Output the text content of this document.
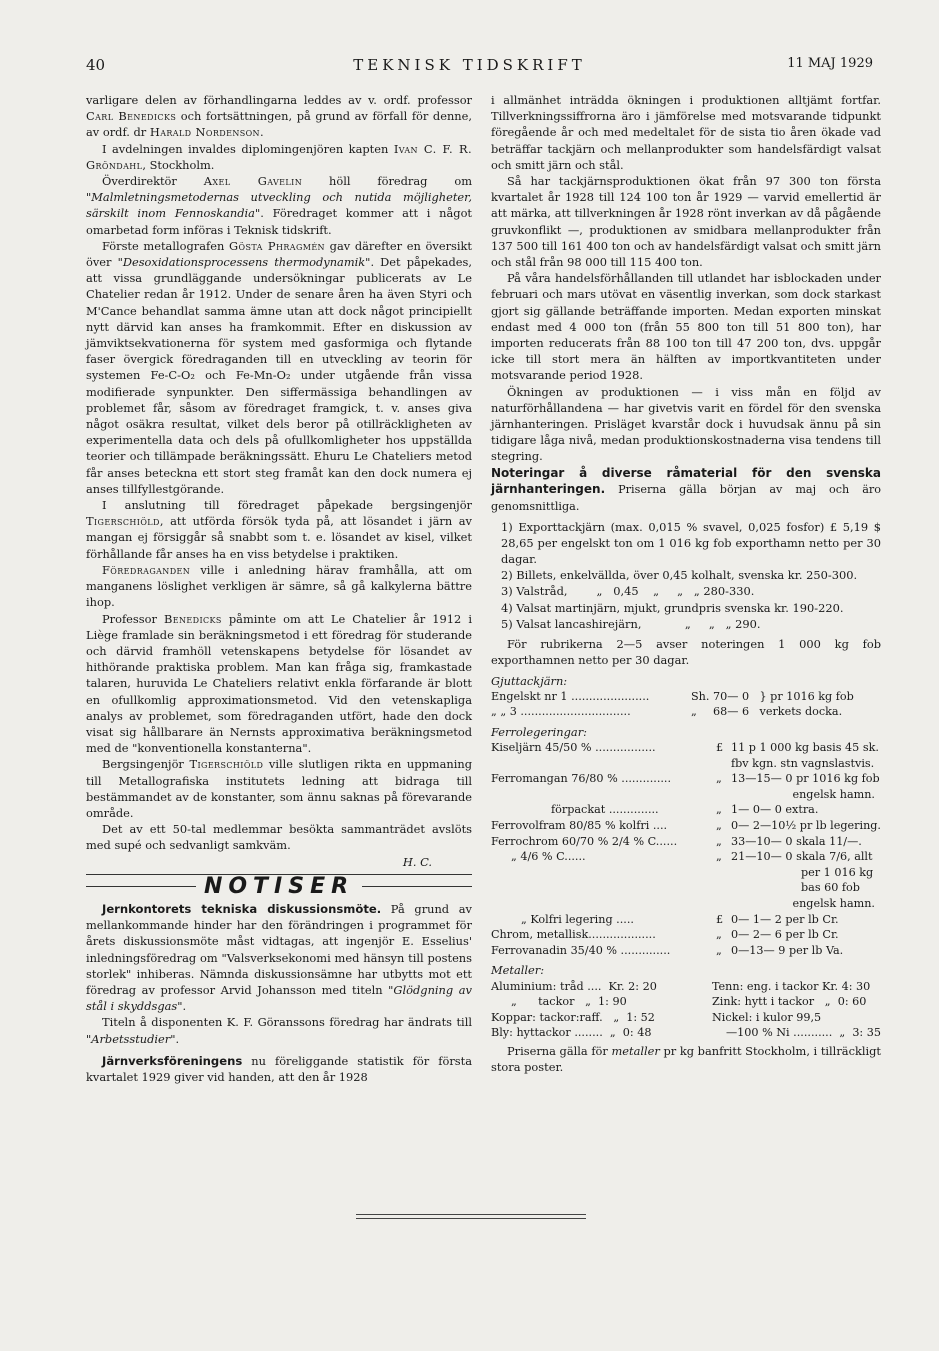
40	TEKNISK TIDSKRIFT	11 MAJ 1929

varligare delen av förhandlingarna leddes av v. ordf. professor Carl Benedicks och fortsättningen, på grund av förfall för denne, av ordf. dr Harald Nordenson.

I avdelningen invaldes diplomingenjören kapten Ivan C. F. R. Gröndahl, Stockholm.

Överdirektör Axel Gavelin höll föredrag om "Malmletningsmetodernas utveckling och nutida möjligheter, särskilt inom Fennoskandia". Föredraget kommer att i något omarbetad form införas i Teknisk tidskrift.

Förste metallografen Gösta Phragmén gav därefter en översikt över "Desoxidationsprocessens thermodynamik". Det påpekades, att vissa grundläggande undersökningar publicerats av Le Chatelier redan år 1912. Under de senare åren ha även Styri och M'Cance behandlat samma ämne utan att dock något principiellt nytt därvid kan anses ha framkommit. Efter en diskussion av jämviktsekvationerna för system med gasformiga och flytande faser övergick föredraganden till en utveckling av teorin för systemen Fe-C-O₂ och Fe-Mn-O₂ under utgående från vissa modifierade synpunkter. Den siffermässiga behandlingen av problemet får, såsom av föredraget framgick, t. v. anses giva något osäkra resultat, vilket dels beror på otillräckligheten av experimentella data och dels på ofullkomligheter hos uppställda teorier och tillämpade beräkningssätt. Ehuru Le Chateliers metod får anses beteckna ett stort steg framåt kan den dock numera ej anses tillfyllestgörande.

I anslutning till föredraget påpekade bergsingenjör Tigerschiöld, att utförda försök tyda på, att lösandet i järn av mangan ej försiggår så snabbt som t. e. lösandet av kisel, vilket förhållande får anses ha en viss betydelse i praktiken.

Föredraganden ville i anledning härav framhålla, att om manganens löslighet verkligen är sämre, så gå kalkylerna bättre ihop.

Professor Benedicks påminte om att Le Chatelier år 1912 i Liège framlade sin beräkningsmetod i ett föredrag för studerande och därvid framhöll vetenskapens betydelse för lösandet av hithörande praktiska problem. Man kan fråga sig, framkastade talaren, huruvida Le Chateliers relativt enkla förfarande är blott en ofullkomlig approximationsmetod. Vid den vetenskapliga analys av problemet, som föredraganden utfört, hade den dock visat sig hållbarare än Nernsts approximativa beräkningsmetod med de "konventionella konstanterna".

Bergsingenjör Tigerschiöld ville slutligen rikta en uppmaning till Metallografiska institutets ledning att bidraga till bestämmandet av de konstanter, som ännu saknas på förevarande område.

Det av ett 50-tal medlemmar besökta sammanträdet avslöts med supé och sedvanligt samkväm.

H. C.
NOTISER

Jernkontorets tekniska diskussionsmöte. På grund av mellankommande hinder har den förändringen i programmet för årets diskussionsmöte måst vidtagas, att ingenjör E. Esselius' inledningsföredrag om "Valsverksekonomi med hänsyn till postens storlek" inhiberas. Nämnda diskussionsämne har utbytts mot ett föredrag av professor Arvid Johansson med titeln "Glödgning av stål i skyddsgas".

Titeln å disponenten K. F. Göranssons föredrag har ändrats till "Arbetsstudier".

Järnverksföreningens nu föreliggande statistik för första kvartalet 1929 giver vid handen, att den år 1928

i allmänhet inträdda ökningen i produktionen alltjämt fortfar. Tillverkningssiffrorna äro i jämförelse med motsvarande tidpunkt föregående år och med medeltalet för de sista tio åren ökade vad beträffar tackjärn och mellanprodukter som handelsfärdigt valsat och smitt järn och stål.

Så har tackjärnsproduktionen ökat från 97 300 ton första kvartalet år 1928 till 124 100 ton år 1929 — varvid emellertid är att märka, att tillverkningen år 1928 rönt inverkan av då pågående gruvkonflikt —, produktionen av smidbara mellanprodukter från 137 500 till 161 400 ton och av handelsfärdigt valsat och smitt järn och stål från 98 000 till 115 400 ton.

På våra handelsförhållanden till utlandet har isblockaden under februari och mars utövat en väsentlig inverkan, som dock starkast gjort sig gällande beträffande importen. Medan exporten minskat endast med 4 000 ton (från 55 800 ton till 51 800 ton), har importen reducerats från 88 100 ton till 47 200 ton, dvs. uppgår icke till stort mera än hälften av importkvantiteten under motsvarande period 1928.

Ökningen av produktionen — i viss mån en följd av naturförhållandena — har givetvis varit en fördel för den svenska järnhanteringen. Prisläget kvarstår dock i huvudsak ännu på sin tidigare låga nivå, medan produktionskostnaderna visa tendens till stegring.

Noteringar å diverse råmaterial för den svenska järnhanteringen. Priserna gälla början av maj och äro genomsnittliga.

1) Exporttackjärn (max. 0,015 % svavel, 0,025 fosfor) £ 5,19 $ 28,65 per engelskt ton om 1 016 kg fob exporthamn netto per 30 dagar.

2) Billets, enkelvällda, över 0,45 kolhalt, svenska kr. 250-300.

3) Valstråd,        „   0,45    „     „   „ 280-330.

4) Valsat martinjärn, mjukt, grundpris svenska kr. 190-220.

5) Valsat lancashirejärn,            „     „   „ 290.

För rubrikerna 2—5 avser noteringen 1 000 kg fob exporthamnen netto per 30 dagar.

Gjuttackjärn:
Engelskt nr 1 ......................	Sh.	70— 0	} pr 1016 kg fob
„ „ 3 ...............................	„	68— 6	verkets docka.
Ferrolegeringar:
Kiseljärn 45/50 % .................	£	11 p 1 000 kg basis 45 sk.
		fbv kgn. stn vagnslastvis.
Ferromangan 76/80 % ..............	„	13—15— 0 pr 1016 kg fob
		engelsk hamn.
förpackat ..............	„	1— 0— 0 extra.
Ferrovolfram 80/85 % kolfri ....	„	0— 2—10½ pr lb legering.
Ferrochrom 60/70 % 2/4 % C......	„	33—10— 0 skala 11/—.
„ 4/6 % C......	„	21—10— 0 skala 7/6, allt
		per 1 016 kg
		bas 60 fob
		engelsk hamn.
„ Kolfri legering .....	£	0— 1— 2 per lb Cr.
Chrom, metallisk...................	„	0— 2— 6 per lb Cr.
Ferrovanadin 35/40 % ..............	„	0—13— 9 per lb Va.
Metaller:
Aluminium: tråd ....  Kr. 2: 20	Tenn: eng. i tackor Kr. 4: 30
„      tackor   „  1: 90	Zink: hytt i tackor   „  0: 60
Koppar: tackor:raff.   „  1: 52	Nickel: i kulor 99,5
Bly: hyttackor ........  „  0: 48	—100 % Ni ...........  „  3: 35

Priserna gälla för metaller pr kg banfritt Stockholm, i tillräckligt stora poster.
